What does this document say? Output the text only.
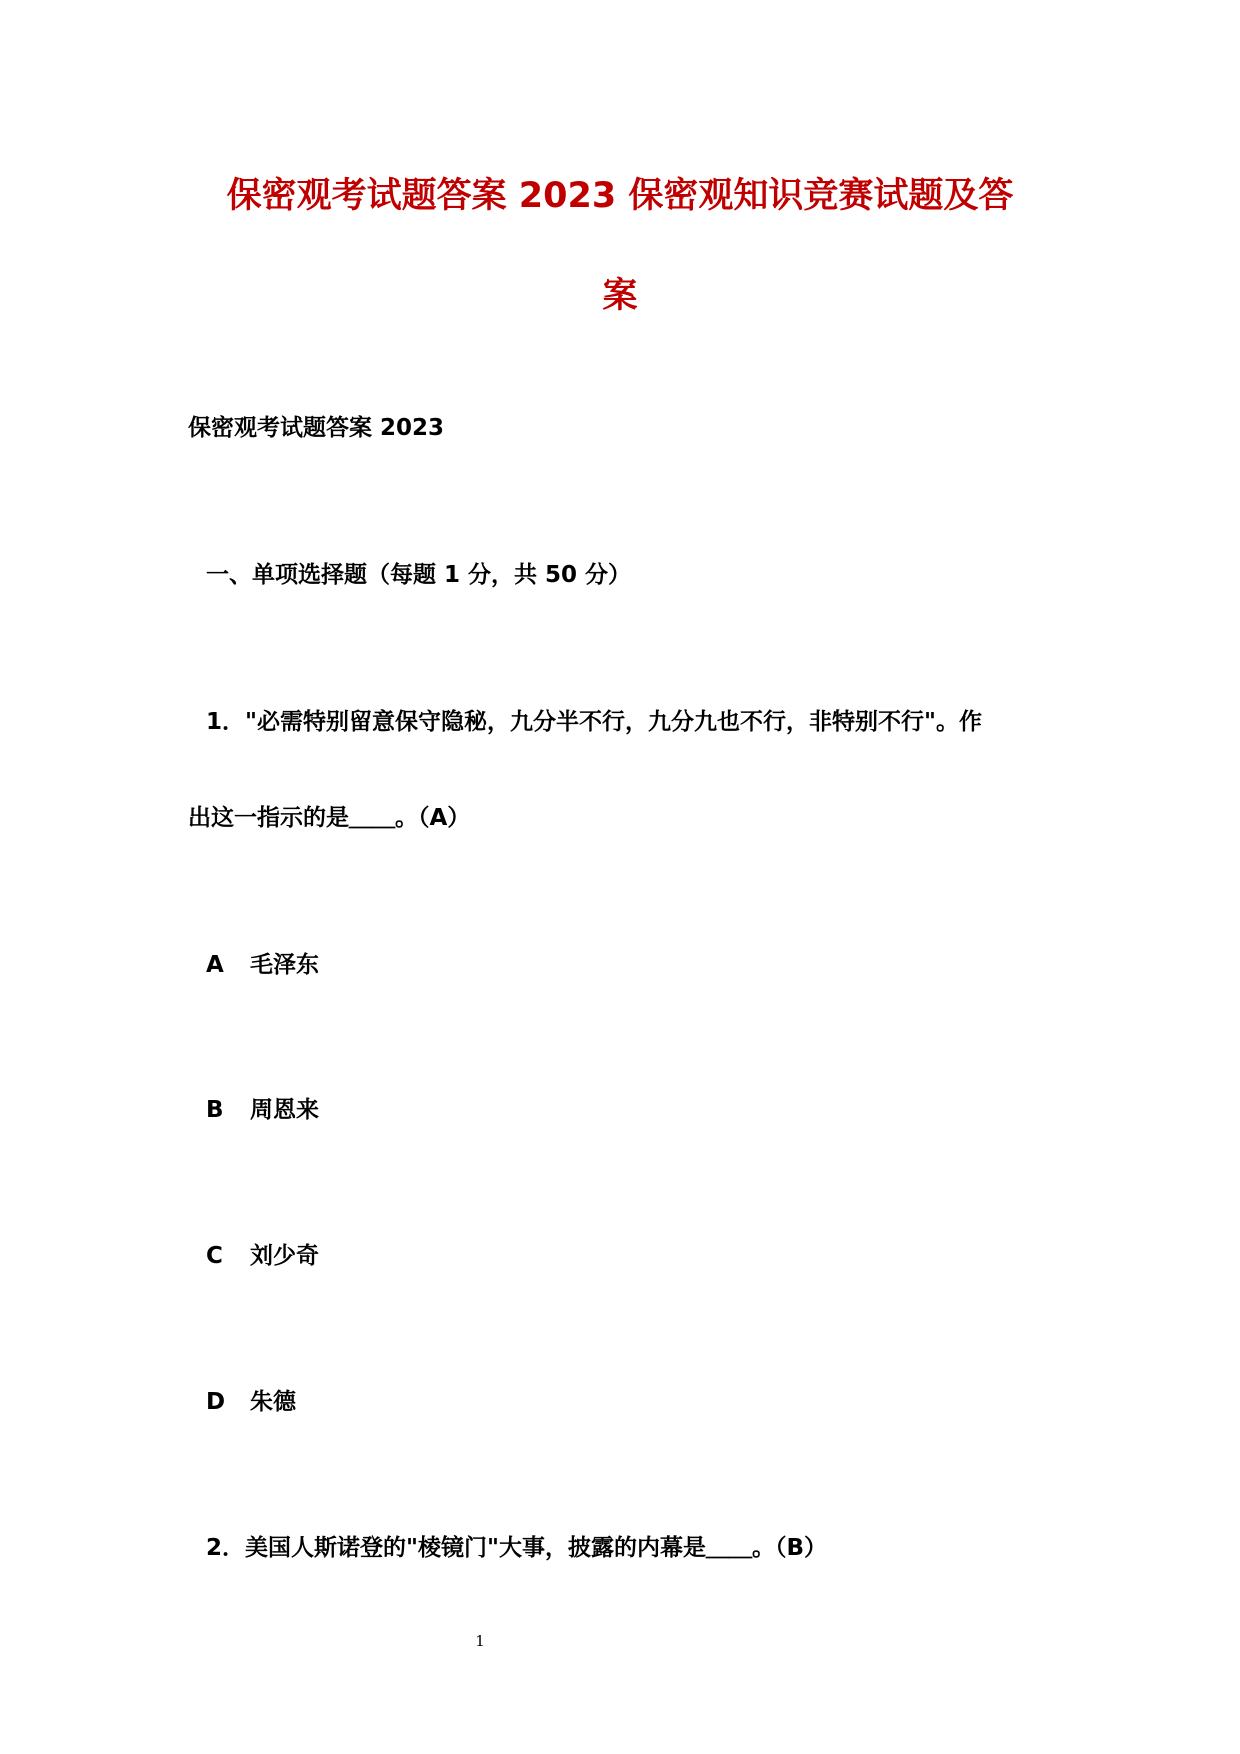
保密观考试题答案 2023 保密观知识竞赛试题及答
案

保密观考试题答案 2023

一、单项选择题（每题 1 分，共 50 分）

1．"必需特别留意保守隐秘，九分半不行，九分九也不行，非特别不行"。作

出这一指示的是＿＿。（A）

A 毛泽东

B 周恩来

C 刘少奇

D 朱德

2．美国人斯诺登的"棱镜门"大事，披露的内幕是＿＿。（B）

1
